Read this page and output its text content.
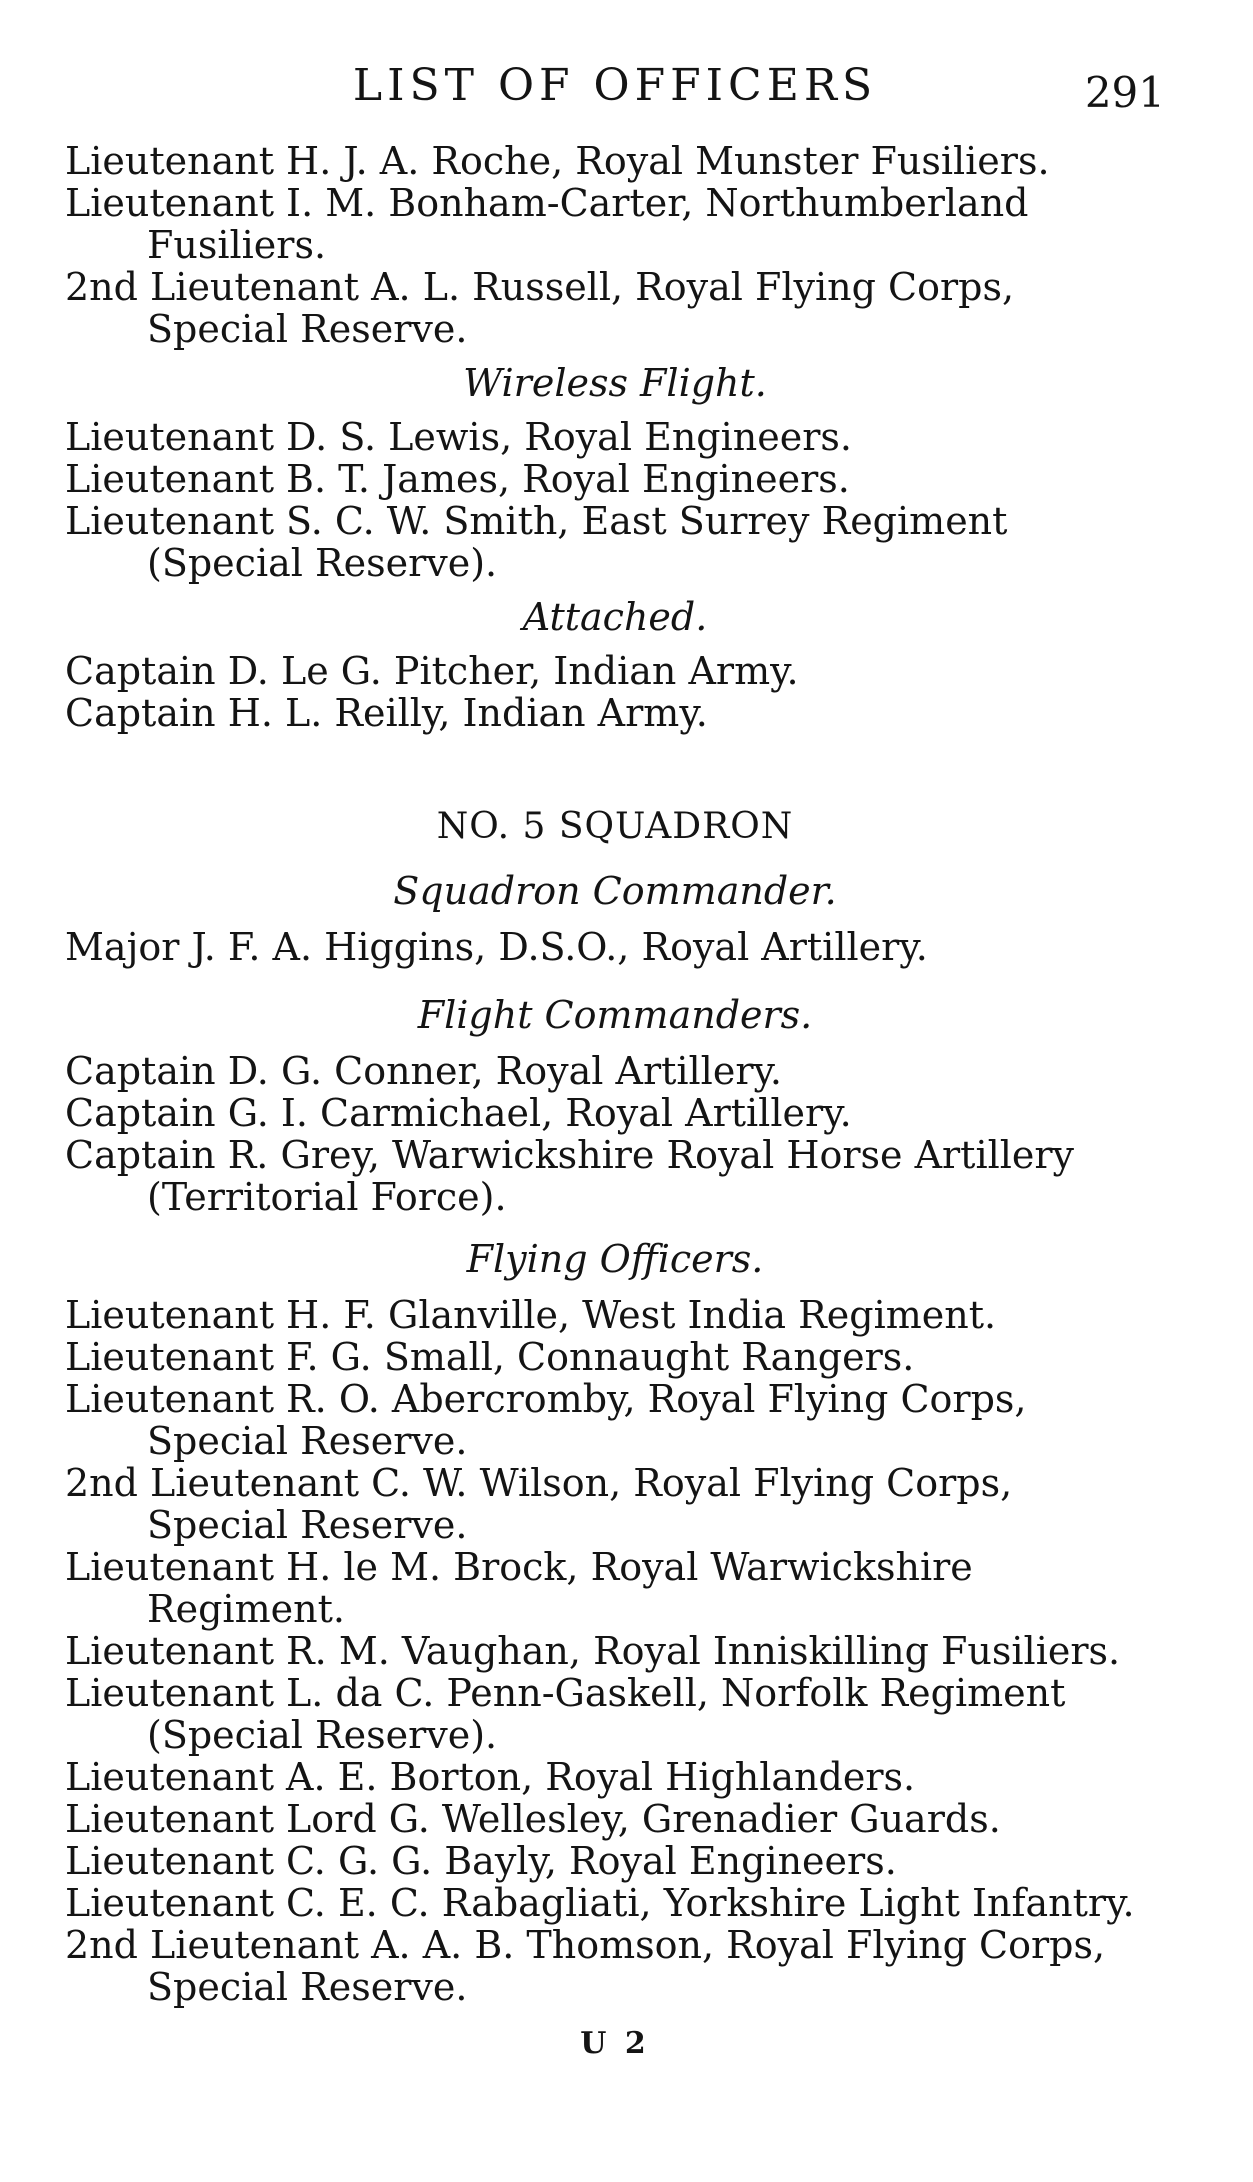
LIST OF OFFICERS	291
Lieutenant H. J. A. Roche, Royal Munster Fusiliers.
Lieutenant I. M. Bonham-Carter, Northumberland Fusiliers.
2nd Lieutenant A. L. Russell, Royal Flying Corps, Special Reserve.
Wireless Flight.
Lieutenant D. S. Lewis, Royal Engineers.
Lieutenant B. T. James, Royal Engineers.
Lieutenant S. C. W. Smith, East Surrey Regiment (Special Reserve).
Attached.
Captain D. Le G. Pitcher, Indian Army.
Captain H. L. Reilly, Indian Army.
NO. 5 SQUADRON
Squadron Commander.
Major J. F. A. Higgins, D.S.O., Royal Artillery.
Flight Commanders.
Captain D. G. Conner, Royal Artillery.
Captain G. I. Carmichael, Royal Artillery.
Captain R. Grey, Warwickshire Royal Horse Artillery (Territorial Force).
Flying Officers.
Lieutenant H. F. Glanville, West India Regiment.
Lieutenant F. G. Small, Connaught Rangers.
Lieutenant R. O. Abercromby, Royal Flying Corps, Special Reserve.
2nd Lieutenant C. W. Wilson, Royal Flying Corps, Special Reserve.
Lieutenant H. le M. Brock, Royal Warwickshire Regiment.
Lieutenant R. M. Vaughan, Royal Inniskilling Fusiliers.
Lieutenant L. da C. Penn-Gaskell, Norfolk Regiment (Special Reserve).
Lieutenant A. E. Borton, Royal Highlanders.
Lieutenant Lord G. Wellesley, Grenadier Guards.
Lieutenant C. G. G. Bayly, Royal Engineers.
Lieutenant C. E. C. Rabagliati, Yorkshire Light Infantry.
2nd Lieutenant A. A. B. Thomson, Royal Flying Corps, Special Reserve.
U 2
